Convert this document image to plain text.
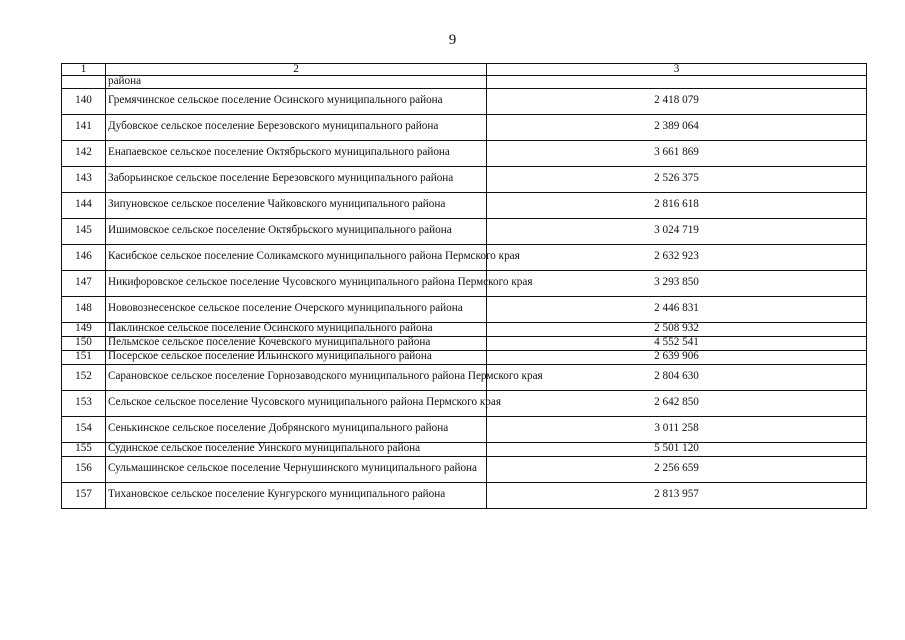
9
1	2	3
	района	
140	Гремячинское сельское поселение Осинского муниципального района	2 418 079
141	Дубовское сельское поселение Березовского муниципального района	2 389 064
142	Енапаевское сельское поселение Октябрьского муниципального района	3 661 869
143	Заборьинское сельское поселение Березовского муниципального района	2 526 375
144	Зипуновское сельское поселение Чайковского муниципального района	2 816 618
145	Ишимовское сельское поселение Октябрьского муниципального района	3 024 719
146	Касибское сельское поселение Соликамского муниципального района Пермского края	2 632 923
147	Никифоровское сельское поселение Чусовского муниципального района Пермского края	3 293 850
148	Нововознесенское сельское поселение Очерского муниципального района	2 446 831
149	Паклинское сельское поселение Осинского муниципального района	2 508 932
150	Пельмское сельское поселение Кочевского муниципального района	4 552 541
151	Посерское сельское поселение Ильинского муниципального района	2 639 906
152	Сарановское сельское поселение Горнозаводского муниципального района Пермского края	2 804 630
153	Сельское сельское поселение Чусовского муниципального района Пермского края	2 642 850
154	Сенькинское сельское поселение Добрянского муниципального района	3 011 258
155	Судинское сельское поселение Уинского муниципального района	5 501 120
156	Сульмашинское сельское поселение Чернушинского муниципального района	2 256 659
157	Тихановское сельское поселение Кунгурского муниципального района	2 813 957
